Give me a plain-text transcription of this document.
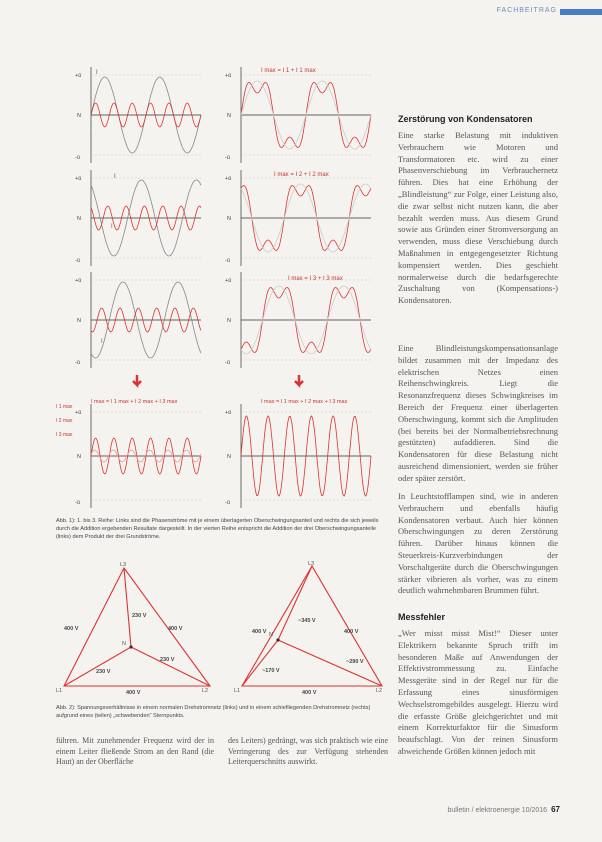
FACHBEITRAG
+û
-û
N
+û
-û
N
+û
-û
N
+û
-û
N
+û
-û
N
+û
-û
N
+û
-û
N
+û
-û
N
I
I
I max = I 1 + I 1 max
I
I
I max = I 2 + I 2 max
I
I max = I 3 + I 3 max
I max = I 1 max + I 2 max + I 3 max	I max = I 1 max + I 2 max + I 3 max
I 1 max
I 2 max
I 3 max
Abb. 1): 1. bis 3. Reihe: Links sind die Phasenströme mit je einem überlagerten Oberschwingungsanteil und rechts die sich jeweils durch die Addition ergebenden Resultate dargestellt. In der vierten Reihe entspricht die Addition der drei Oberschwingungsanteile (links) dem Produkt der drei Grundströme.
L3
L1	L2
N
400 V	400 V
400 V
230 V
230 V
230 V
L3
L1	L2
N
400 V	400 V
400 V
~345 V
~290 V
~170 V
Abb. 2): Spannungsverhältnisse in einem normalen Drehstromnetz (links) und in einem schiefliegenden Drehstromnetz (rechts) aufgrund eines (teilen) „schwebenden“ Sternpunkts.
führen. Mit zunehmender Frequenz wird der in einem Leiter fließende Strom an den Rand (die Haut) an der Oberfläche
des Leiters) gedrängt, was sich praktisch wie eine Verringerung des zur Verfügung stehenden Leiterquerschnitts auswirkt.
Zerstörung von Kondensatoren
Eine starke Belastung mit induktiven Verbrauchern wie Motoren und Transformatoren etc. wird zu einer Phasenverschiebung im Verbrauchernetz führen. Dies hat eine Erhöhung der „Blindleistung“ zur Folge, einer Leistung also, die zwar selbst nicht nutzen kann, die aber bezahlt werden muss. Aus diesem Grund sowie aus Gründen einer Stromversorgung an verwenden, muss diese Verschiebung durch Maßnahmen in entgegengesetzter Richtung kompensiert werden. Dies geschieht normalerweise durch die bedarfsgerechte Zuschaltung von (Kompensations-) Kondensatoren.
Eine Blindleistungskompensationsanlage bildet zusammen mit der Impedanz des elektrischen Netzes einen Reihenschwingkreis. Liegt die Resonanzfrequenz dieses Schwingkreises im Bereich der Frequenz einer überlagerten Oberschwingung, kommt sich die Amplituden (bei bereits bei der Normalbetriebsrechnung gestützten) aufaddieren. Sind die Kondensatoren für diese Belastung nicht ausreichend dimensioniert, werden sie früher oder später zerstört.
In Leuchtstofflampen sind, wie in anderen Verbrauchern und ebenfalls häufig Kondensatoren verbaut. Auch hier können Oberschwingungen zu deren Zerstörung führen. Darüber hinaus können die Steuerkreis-Kurzverbindungen der Vorschaltgeräte durch die Oberschwingungen stärker vibrieren als vorher, was zu einem deutlich wahrnehmbaren Brummen führt.
Messfehler
„Wer misst misst Mist!“ Dieser unter Elektrikern bekannte Spruch trifft im besonderen Maße auf Anwendungen der Effektivstrommessung zu. Einfache Messgeräte sind in der Regel nur für die Erfassung eines sinusförmigen Wechselstromgebildes ausgelegt. Hierzu wird die erfasste Größe gleichgerichtet und mit einem Korrekturfaktor für die Sinusform beaufschlagt. Von der reinen Sinusform abweichende Größen können jedoch mit
bulletin / elektroenergie 10/2016 67
